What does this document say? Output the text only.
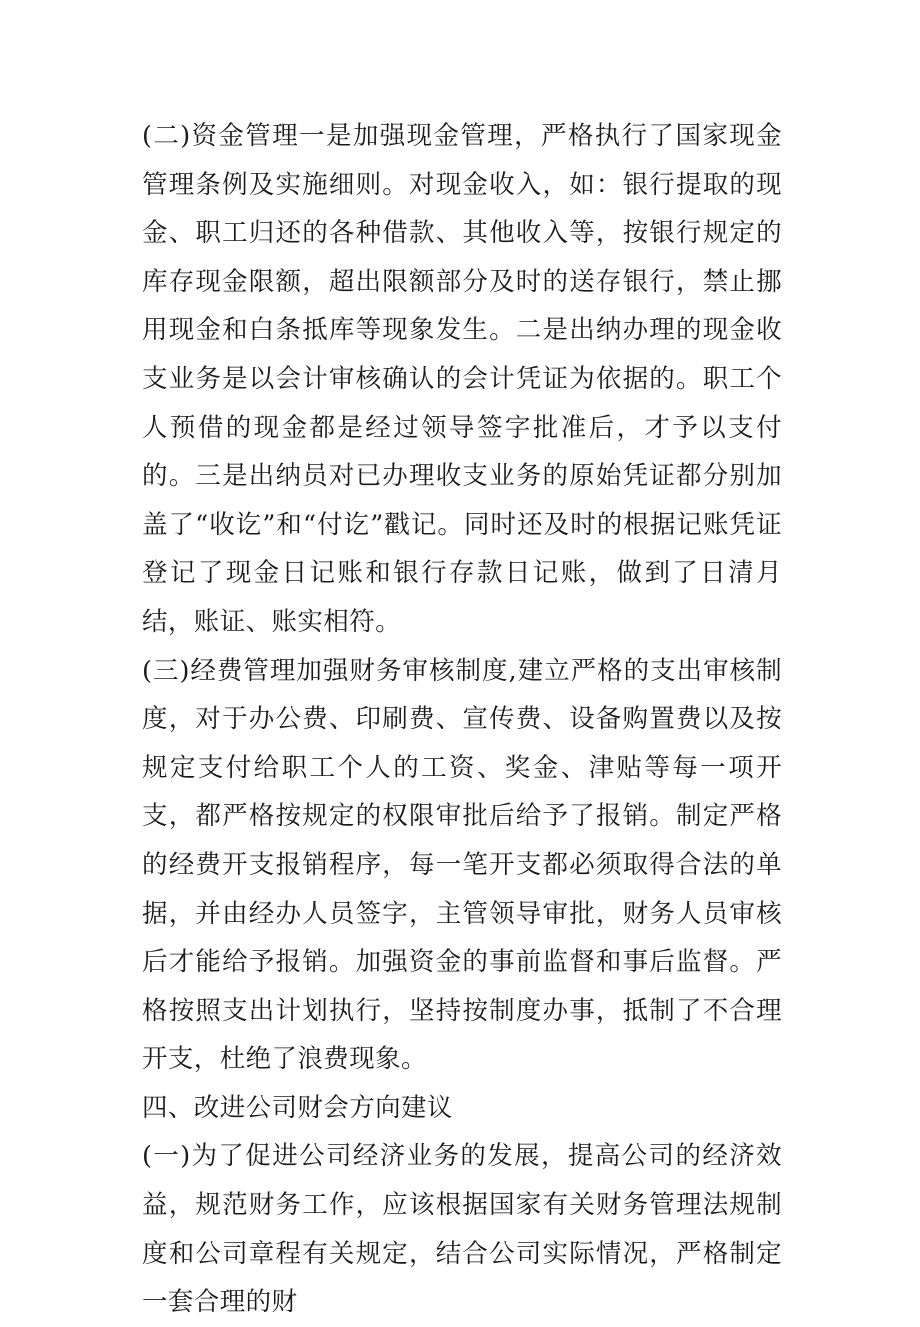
(二)资金管理一是加强现金管理，严格执行了国家现金管理条例及实施细则。对现金收入，如：银行提取的现金、职工归还的各种借款、其他收入等，按银行规定的库存现金限额，超出限额部分及时的送存银行，禁止挪用现金和白条抵库等现象发生。二是出纳办理的现金收支业务是以会计审核确认的会计凭证为依据的。职工个人预借的现金都是经过领导签字批准后，才予以支付的。三是出纳员对已办理收支业务的原始凭证都分别加盖了“收讫”和“付讫”戳记。同时还及时的根据记账凭证登记了现金日记账和银行存款日记账，做到了日清月结，账证、账实相符。

(三)经费管理加强财务审核制度,建立严格的支出审核制度，对于办公费、印刷费、宣传费、设备购置费以及按规定支付给职工个人的工资、奖金、津贴等每一项开支，都严格按规定的权限审批后给予了报销。制定严格的经费开支报销程序，每一笔开支都必须取得合法的单据，并由经办人员签字，主管领导审批，财务人员审核后才能给予报销。加强资金的事前监督和事后监督。严格按照支出计划执行，坚持按制度办事，抵制了不合理开支，杜绝了浪费现象。

四、改进公司财会方向建议

(一)为了促进公司经济业务的发展，提高公司的经济效益，规范财务工作，应该根据国家有关财务管理法规制度和公司章程有关规定，结合公司实际情况，严格制定一套合理的财
